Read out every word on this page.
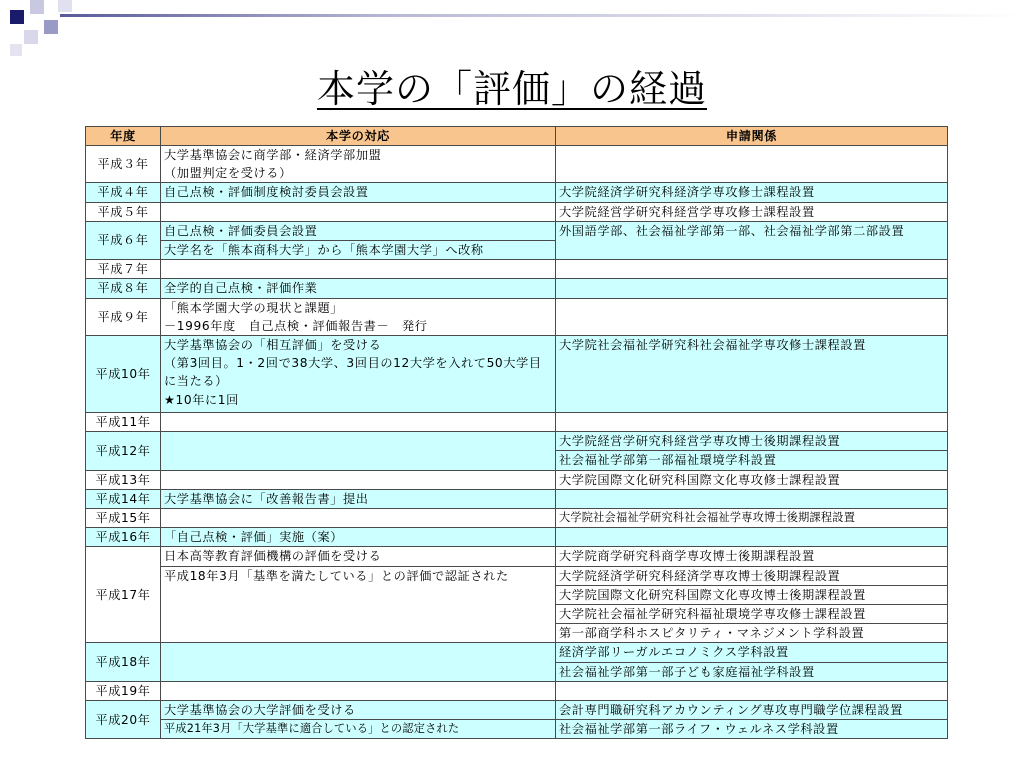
本学の「評価」の経過
年度	本学の対応	申請関係
平成３年	大学基準協会に商学部・経済学部加盟
（加盟判定を受ける）	

平成４年	自己点検・評価制度検討委員会設置	大学院経済学研究科経済学専攻修士課程設置
平成５年		大学院経営学研究科経営学専攻修士課程設置
平成６年	自己点検・評価委員会設置	外国語学部、社会福祉学部第一部、社会福祉学部第二部設置
	大学名を「熊本商科大学」から「熊本学園大学」へ改称	
平成７年		
平成８年	全学的自己点検・評価作業	
平成９年	「熊本学園大学の現状と課題」
－1996年度　自己点検・評価報告書－　発行	

平成10年	大学基準協会の「相互評価」を受ける
（第3回目。1・2回で38大学、3回目の12大学を入れて50大学目に当たる）
★10年に1回	大学院社会福祉学研究科社会福祉学専攻修士課程設置
平成11年		
平成12年		大学院経営学研究科経営学専攻博士後期課程設置
		社会福祉学部第一部福祉環境学科設置
平成13年		大学院国際文化研究科国際文化専攻修士課程設置
平成14年	大学基準協会に「改善報告書」提出	
平成15年		大学院社会福祉学研究科社会福祉学専攻博士後期課程設置
平成16年	「自己点検・評価」実施（案）	
平成17年	日本高等教育評価機構の評価を受ける	大学院商学研究科商学専攻博士後期課程設置
	平成18年3月「基準を満たしている」との評価で認証された	大学院経済学研究科経済学専攻博士後期課程設置
		大学院国際文化研究科国際文化専攻博士後期課程設置
		大学院社会福祉学研究科福祉環境学専攻修士課程設置
		第一部商学科ホスピタリティ・マネジメント学科設置
平成18年		経済学部リーガルエコノミクス学科設置
		社会福祉学部第一部子ども家庭福祉学科設置
平成19年		
平成20年	大学基準協会の大学評価を受ける	会計専門職研究科アカウンティング専攻専門職学位課程設置
	平成21年3月「大学基準に適合している」との認定された	社会福祉学部第一部ライフ・ウェルネス学科設置
